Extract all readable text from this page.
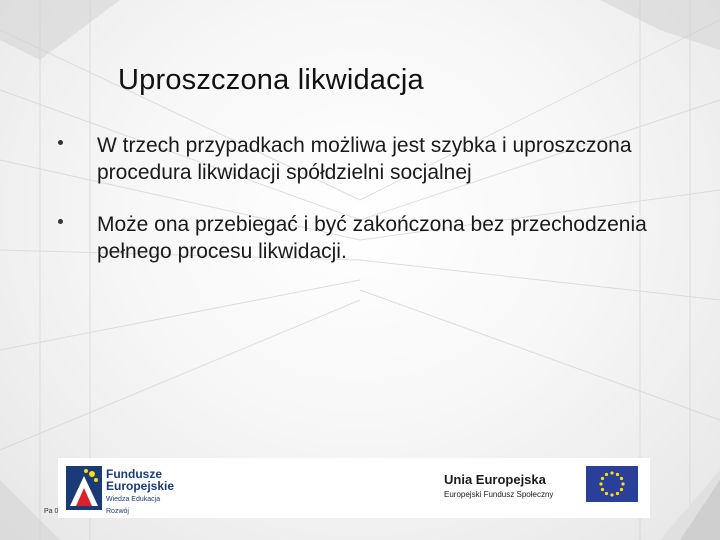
Uproszczona likwidacja
W trzech przypadkach możliwa jest szybka i uproszczona procedura likwidacji spółdzielni socjalnej
Może ona przebiegać i być zakończona bez przechodzenia pełnego procesu likwidacji.
Fundusze
Europejskie
Wiedza Edukacja Rozwój
Unia Europejska
Europejski Fundusz Społeczny
Pa 0
